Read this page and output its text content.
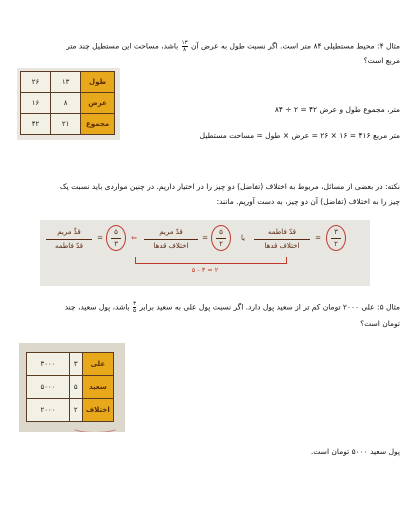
مثال ۴: محیط مستطیلی ۸۴ متر است. اگر نسبت طول به عرض آن
$\frac{۱۳}{۸}$
باشد، مساحت این مستطیل چند متر
مربع است؟
طول	۱۳	۲۶
عرض	۸	۱۶
مجموع	۲۱	۴۲
متر، مجموع طول و عرض ۴۲ = ۲ ÷ ۸۴
متر مربع ۴۱۶ = ۱۶ × ۲۶ = عرض × طول = مساحت مستطیل
نکته: در بعضی از مسائل، مربوط به اختلاف (تفاضل) دو چیز را در اختیار داریم. در چنین مواردی باید نسبت یک
چیز را به اختلاف (تفاضل) آن دو چیز، به دست آوریم. مانند:
قدِّ مریم
قدّ فاطمه
=
۵
۳
⇐
قدّ مریم
اختلاف قدها
=
۵
۲
یا
قدّ فاطمه
اختلاف قدها
=
۳
۲
۵ - ۳ = ۲
مثال ۵: علی ۲۰۰۰ تومان کم تر از سعید پول دارد. اگر نسبت پول علی به سعید برابر
$\frac{۳}{۵}$
باشد، پول سعید، چند
تومان است؟
علی	۳	۳۰۰۰
سعید	۵	۵۰۰۰
اختلاف	۲	۲۰۰۰
پول سعید ۵۰۰۰ تومان است.
